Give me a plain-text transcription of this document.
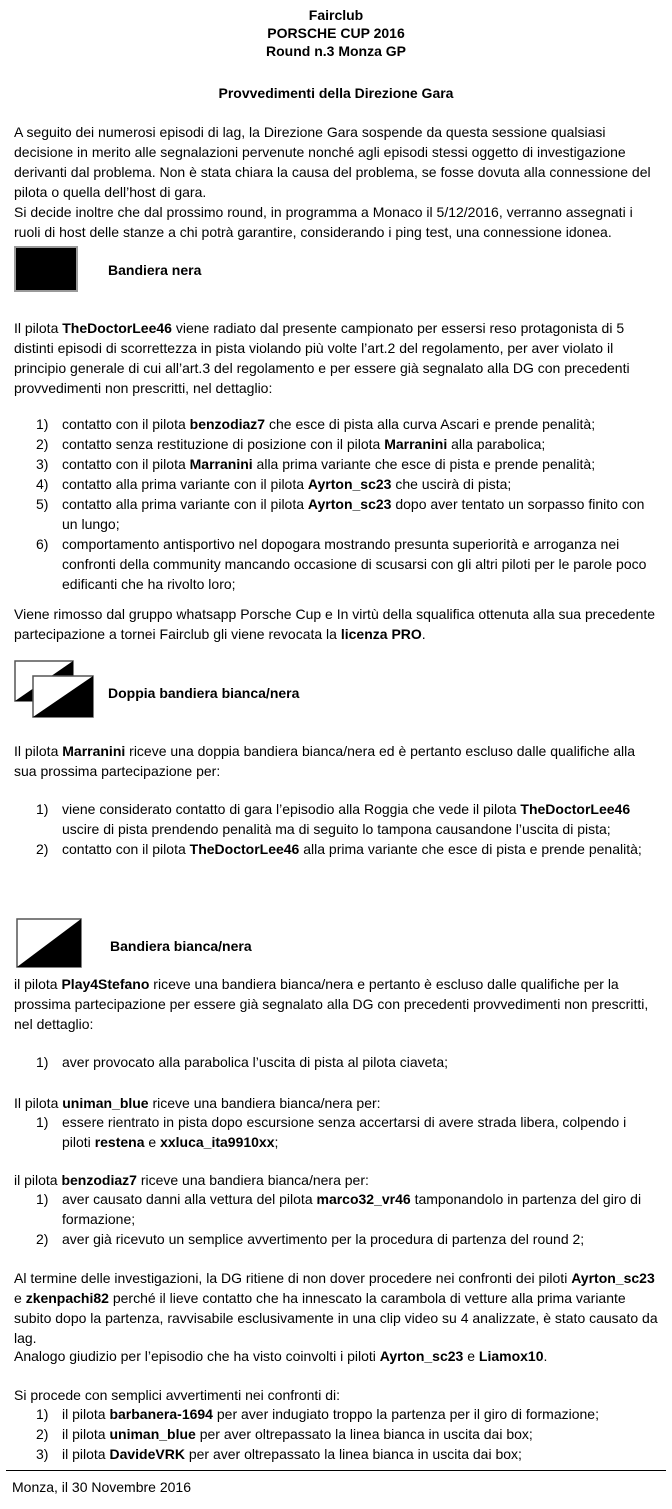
Fairclub
PORSCHE CUP 2016
Round n.3 Monza GP
Provvedimenti della Direzione Gara
A seguito dei numerosi episodi di lag, la Direzione Gara sospende da questa sessione qualsiasi decisione in merito alle segnalazioni pervenute nonché agli episodi stessi oggetto di investigazione derivanti dal problema. Non è stata chiara la causa del problema, se fosse dovuta alla connessione del pilota o quella dell’host di gara.
Si decide inoltre che dal prossimo round, in programma a Monaco il 5/12/2016, verranno assegnati i ruoli di host delle stanze a chi potrà garantire, considerando i ping test, una connessione idonea.
Bandiera nera
Il pilota TheDoctorLee46 viene radiato dal presente campionato per essersi reso protagonista di 5 distinti episodi di scorrettezza in pista violando più volte l’art.2 del regolamento, per aver violato il principio generale di cui all’art.3 del regolamento e per essere già segnalato alla DG con precedenti provvedimenti non prescritti, nel dettaglio:
1) contatto con il pilota benzodiaz7 che esce di pista alla curva Ascari e prende penalità;
2) contatto senza restituzione di posizione con il pilota Marranini alla parabolica;
3) contatto con il pilota Marranini alla prima variante che esce di pista e prende penalità;
4) contatto alla prima variante con il pilota Ayrton_sc23 che uscirà di pista;
5) contatto alla prima variante con il pilota Ayrton_sc23 dopo aver tentato un sorpasso finito con un lungo;
6) comportamento antisportivo nel dopogara mostrando presunta superiorità e arroganza nei confronti della community mancando occasione di scusarsi con gli altri piloti per le parole poco edificanti che ha rivolto loro;
Viene rimosso dal gruppo whatsapp Porsche Cup e In virtù della squalifica ottenuta alla sua precedente partecipazione a tornei Fairclub gli viene revocata la licenza PRO.
Doppia bandiera bianca/nera
Il pilota Marranini riceve una doppia bandiera bianca/nera ed è pertanto escluso dalle qualifiche alla sua prossima partecipazione per:
1) viene considerato contatto di gara l’episodio alla Roggia che vede il pilota TheDoctorLee46 uscire di pista prendendo penalità ma di seguito lo tampona causandone l’uscita di pista;
2) contatto con il pilota TheDoctorLee46 alla prima variante che esce di pista e prende penalità;
Bandiera bianca/nera
il pilota Play4Stefano riceve una bandiera bianca/nera e pertanto è escluso dalle qualifiche per la prossima partecipazione per essere già segnalato alla DG con precedenti provvedimenti non prescritti, nel dettaglio:
1) aver provocato alla parabolica l’uscita di pista al pilota ciaveta;
Il pilota uniman_blue riceve una bandiera bianca/nera per:
1) essere rientrato in pista dopo escursione senza accertarsi di avere strada libera, colpendo i piloti restena e xxluca_ita9910xx;
il pilota benzodiaz7 riceve una bandiera bianca/nera per:
1) aver causato danni alla vettura del pilota marco32_vr46 tamponandolo in partenza del giro di formazione;
2) aver già ricevuto un semplice avvertimento per la procedura di partenza del round 2;
Al termine delle investigazioni, la DG ritiene di non dover procedere nei confronti dei piloti Ayrton_sc23 e zkenpachi82 perché il lieve contatto che ha innescato la carambola di vetture alla prima variante subito dopo la partenza, ravvisabile esclusivamente in una clip video su 4 analizzate, è stato causato da lag.
Analogo giudizio per l’episodio che ha visto coinvolti i piloti Ayrton_sc23 e Liamox10.
Si procede con semplici avvertimenti nei confronti di:
1) il pilota barbanera-1694 per aver indugiato troppo la partenza per il giro di formazione;
2) il pilota uniman_blue per aver oltrepassato la linea bianca in uscita dai box;
3) il pilota DavideVRK per aver oltrepassato la linea bianca in uscita dai box;
Monza, il 30 Novembre 2016
